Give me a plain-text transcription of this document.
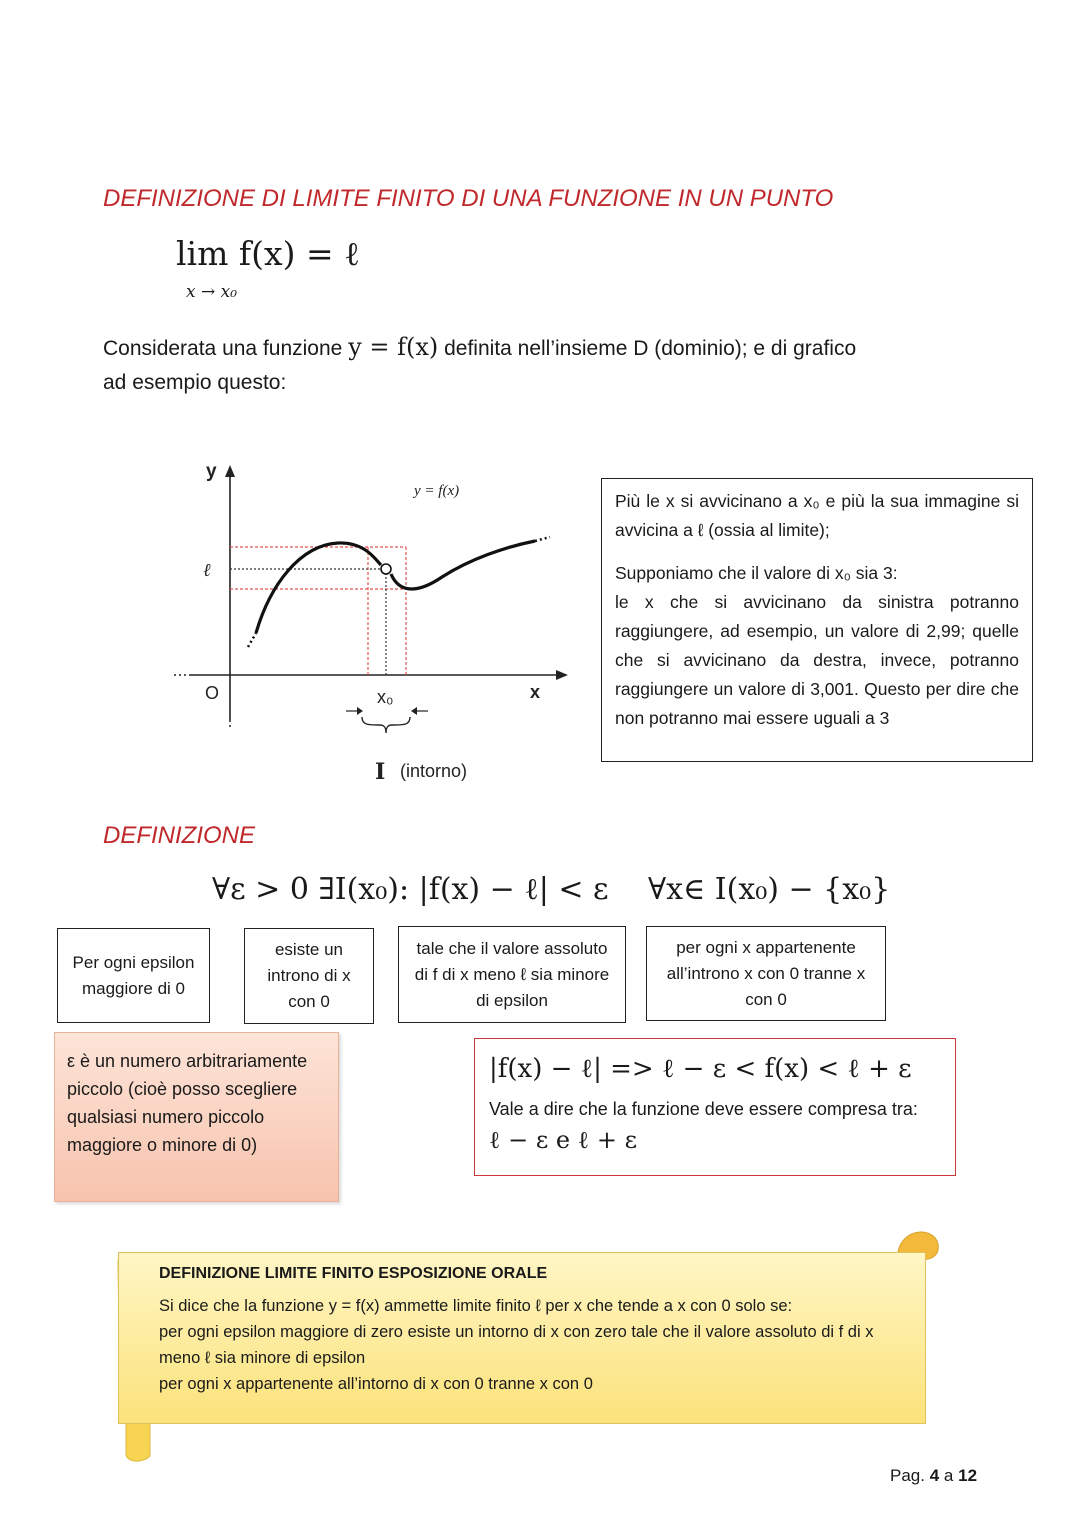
DEFINIZIONE DI LIMITE FINITO DI UNA FUNZIONE IN UN PUNTO
lim f(x) = ℓ
x → x₀
Considerata una funzione y = f(x) definita nell’insieme D (dominio); e di grafico
ad esempio questo:
y
ℓ
O	x
x₀
y = f(x)
I (intorno)

Più le x si avvicinano a x₀ e più la sua immagine si avvicina a ℓ (ossia al limite);

Supponiamo che il valore di x₀ sia 3:

le x che si avvicinano da sinistra potranno raggiungere, ad esempio, un valore di 2,99; quelle che si avvicinano da destra, invece, potranno raggiungere un valore di 3,001. Questo per dire che non potranno mai essere uguali a 3

DEFINIZIONE
∀ε > 0 ∃I(x₀): |f(x) − ℓ| < ε ∀x∈ I(x₀) − {x₀}
Per ogni epsilon maggiore di 0
esiste un introno di x con 0
tale che il valore assoluto di f di x meno ℓ sia minore di epsilon
per ogni x appartenente all’introno x con 0 tranne x con 0
ε è un numero arbitrariamente piccolo (cioè posso scegliere qualsiasi numero piccolo maggiore o minore di 0)
|f(x) − ℓ| => ℓ − ε < f(x) < ℓ + ε
Vale a dire che la funzione deve essere compresa tra:
ℓ − ε e ℓ + ε
DEFINIZIONE LIMITE FINITO ESPOSIZIONE ORALE

Si dice che la funzione y = f(x) ammette limite finito ℓ per x che tende a x con 0 solo se:

per ogni epsilon maggiore di zero esiste un intorno di x con zero tale che il valore assoluto di f di x meno ℓ sia minore di epsilon

per ogni x appartenente all’intorno di x con 0 tranne x con 0

Pag. 4 a 12
